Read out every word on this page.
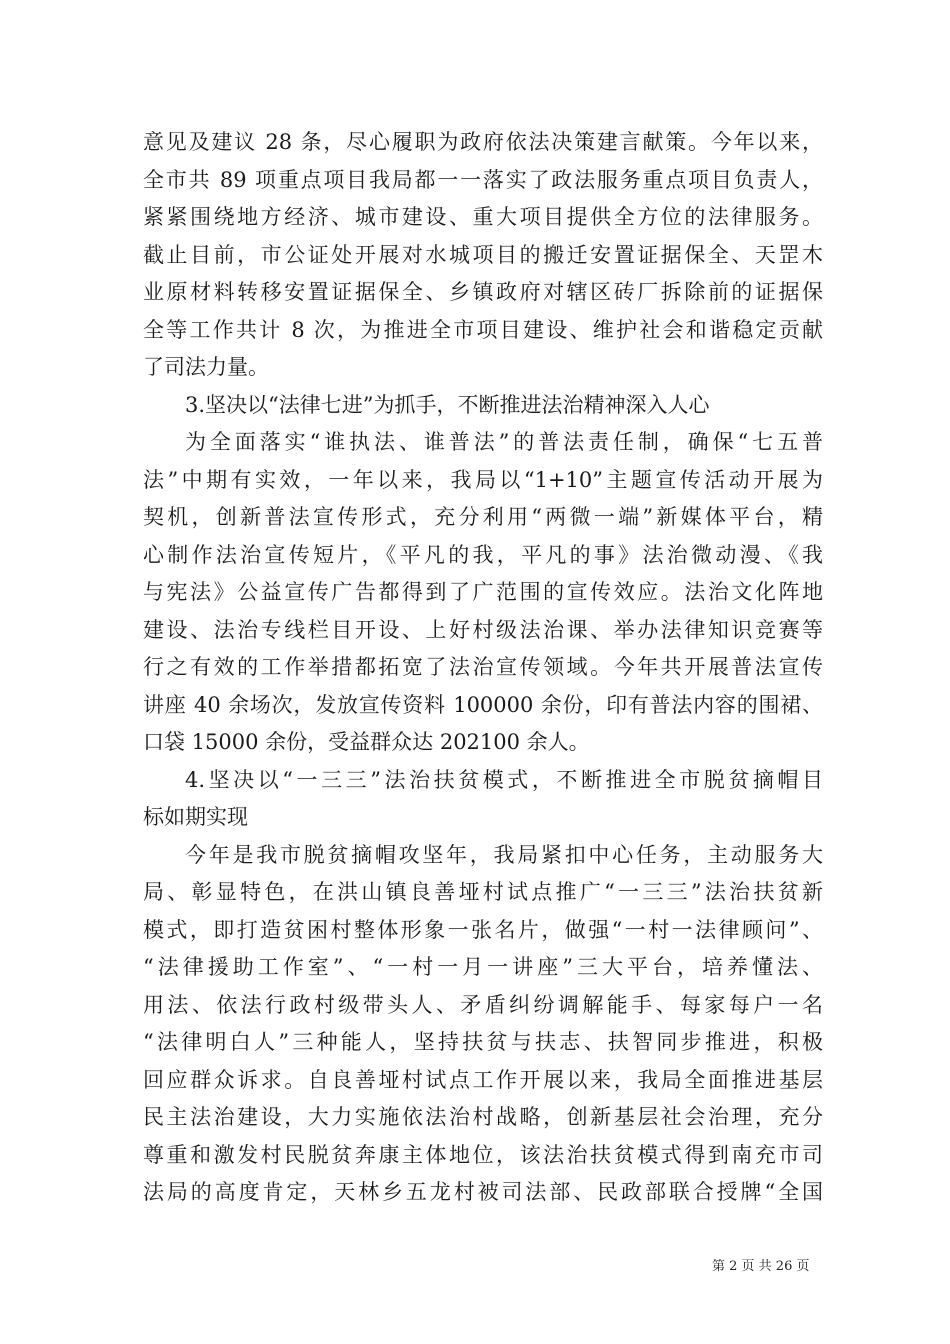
意见及建议 28 条，尽心履职为政府依法决策建言献策。今年以来，
全市共 89 项重点项目我局都一一落实了政法服务重点项目负责人，
紧紧围绕地方经济、城市建设、重大项目提供全方位的法律服务。
截止目前，市公证处开展对水城项目的搬迁安置证据保全、天罡木
业原材料转移安置证据保全、乡镇政府对辖区砖厂拆除前的证据保
全等工作共计 8 次，为推进全市项目建设、维护社会和谐稳定贡献
了司法力量。
3.坚决以“法律七进”为抓手，不断推进法治精神深入人心
为全面落实“谁执法、谁普法”的普法责任制，确保“七五普
法”中期有实效，一年以来，我局以“1+10”主题宣传活动开展为
契机，创新普法宣传形式，充分利用“两微一端”新媒体平台，精
心制作法治宣传短片，《平凡的我，平凡的事》法治微动漫、《我
与宪法》公益宣传广告都得到了广范围的宣传效应。法治文化阵地
建设、法治专线栏目开设、上好村级法治课、举办法律知识竞赛等
行之有效的工作举措都拓宽了法治宣传领域。今年共开展普法宣传
讲座 40 余场次，发放宣传资料 100000 余份，印有普法内容的围裙、
口袋 15000 余份，受益群众达 202100 余人。
4.坚决以“一三三”法治扶贫模式，不断推进全市脱贫摘帽目
标如期实现
今年是我市脱贫摘帽攻坚年，我局紧扣中心任务，主动服务大
局、彰显特色，在洪山镇良善垭村试点推广“一三三”法治扶贫新
模式，即打造贫困村整体形象一张名片，做强“一村一法律顾问”、
“法律援助工作室”、“一村一月一讲座”三大平台，培养懂法、
用法、依法行政村级带头人、矛盾纠纷调解能手、每家每户一名
“法律明白人”三种能人，坚持扶贫与扶志、扶智同步推进，积极
回应群众诉求。自良善垭村试点工作开展以来，我局全面推进基层
民主法治建设，大力实施依法治村战略，创新基层社会治理，充分
尊重和激发村民脱贫奔康主体地位，该法治扶贫模式得到南充市司
法局的高度肯定，天林乡五龙村被司法部、民政部联合授牌“全国
第 2 页 共 26 页
